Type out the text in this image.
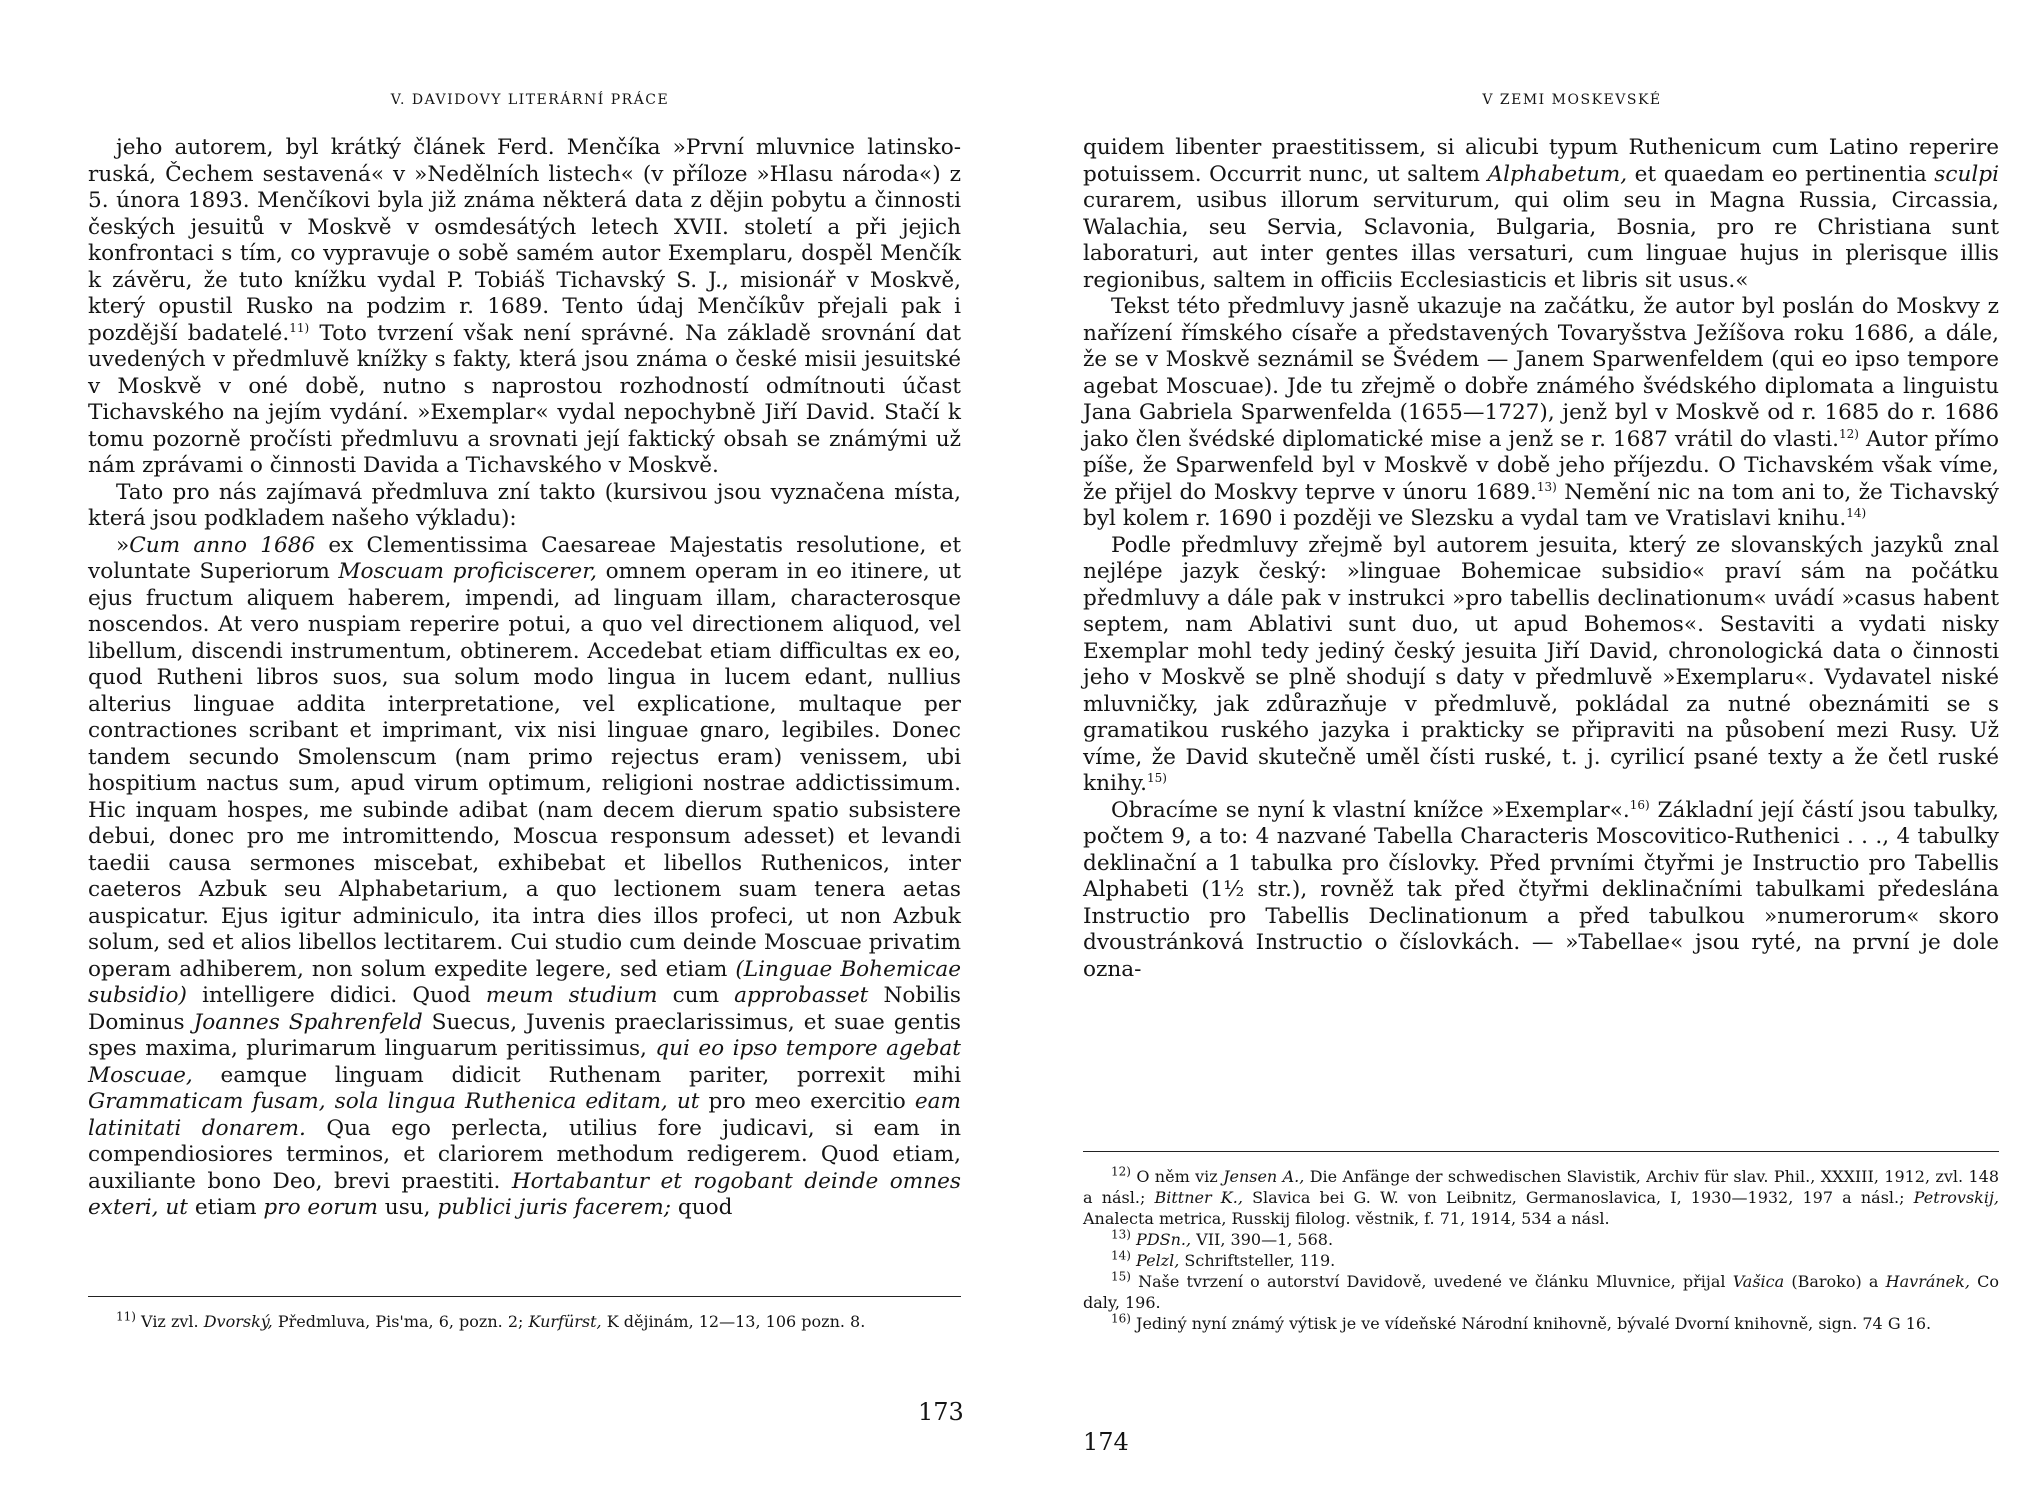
V. DAVIDOVY LITERÁRNÍ PRÁCE

jeho autorem, byl krátký článek Ferd. Menčíka »První mluvnice latinsko-ruská, Čechem sestavená« v »Nedělních listech« (v příloze »Hlasu národa«) z 5. února 1893. Menčíkovi byla již známa některá data z dějin pobytu a činnosti českých jesuitů v Moskvě v osmdesátých letech XVII. století a při jejich konfrontaci s tím, co vypravuje o sobě samém autor Exemplaru, dospěl Menčík k závěru, že tuto knížku vydal P. Tobiáš Tichavský S. J., misionář v Moskvě, který opustil Rusko na podzim r. 1689. Tento údaj Menčíkův přejali pak i pozdější badatelé.$^{11)}$ Toto tvrzení však není správné. Na základě srovnání dat uvedených v předmluvě knížky s fakty, která jsou známa o české misii jesuitské v Moskvě v oné době, nutno s naprostou rozhodností odmítnouti účast Tichavského na jejím vydání. »Exemplar« vydal nepochybně Jiří David. Stačí k tomu pozorně pročísti předmluvu a srovnati její faktický obsah se známými už nám zprávami o činnosti Davida a Tichavského v Moskvě.

Tato pro nás zajímavá předmluva zní takto (kursivou jsou vyznačena místa, která jsou podkladem našeho výkladu):

»Cum anno 1686 ex Clementissima Caesareae Majestatis resolutione, et voluntate Superiorum Moscuam proficiscerer, omnem operam in eo itinere, ut ejus fructum aliquem haberem, impendi, ad linguam illam, characterosque noscendos. At vero nuspiam reperire potui, a quo vel directionem aliquod, vel libellum, discendi instrumentum, obtinerem. Accedebat etiam difficultas ex eo, quod Rutheni libros suos, sua solum modo lingua in lucem edant, nullius alterius linguae addita interpretatione, vel explicatione, multaque per contractiones scribant et imprimant, vix nisi linguae gnaro, legibiles. Donec tandem secundo Smolenscum (nam primo rejectus eram) venissem, ubi hospitium nactus sum, apud virum optimum, religioni nostrae addictissimum. Hic inquam hospes, me subinde adibat (nam decem dierum spatio subsistere debui, donec pro me intromittendo, Moscua responsum adesset) et levandi taedii causa sermones miscebat, exhibebat et libellos Ruthenicos, inter caeteros Azbuk seu Alphabetarium, a quo lectionem suam tenera aetas auspicatur. Ejus igitur adminiculo, ita intra dies illos profeci, ut non Azbuk solum, sed et alios libellos lectitarem. Cui studio cum deinde Moscuae privatim operam adhiberem, non solum expedite legere, sed etiam (Linguae Bohemicae subsidio) intelligere didici. Quod meum studium cum approbasset Nobilis Dominus Joannes Spahrenfeld Suecus, Juvenis praeclarissimus, et suae gentis spes maxima, plurimarum linguarum peritissimus, qui eo ipso tempore agebat Moscuae, eamque linguam didicit Ruthenam pariter, porrexit mihi Grammaticam fusam, sola lingua Ruthenica editam, ut pro meo exercitio eam latinitati donarem. Qua ego perlecta, utilius fore judicavi, si eam in compendiosiores terminos, et clariorem methodum redigerem. Quod etiam, auxiliante bono Deo, brevi praestiti. Hortabantur et rogobant deinde omnes exteri, ut etiam pro eorum usu, publici juris facerem; quod

$^{11)}$ Viz zvl. Dvorský, Předmluva, Pis'ma, 6, pozn. 2; Kurfürst, K dějinám, 12—13, 106 pozn. 8.

173
V ZEMI MOSKEVSKÉ

quidem libenter praestitissem, si alicubi typum Ruthenicum cum Latino reperire potuissem. Occurrit nunc, ut saltem Alphabetum, et quaedam eo pertinentia sculpi curarem, usibus illorum serviturum, qui olim seu in Magna Russia, Circassia, Walachia, seu Servia, Sclavonia, Bulgaria, Bosnia, pro re Christiana sunt laboraturi, aut inter gentes illas versaturi, cum linguae hujus in plerisque illis regionibus, saltem in officiis Ecclesiasticis et libris sit usus.«

Tekst této předmluvy jasně ukazuje na začátku, že autor byl poslán do Moskvy z nařízení římského císaře a představených Tovaryšstva Ježíšova roku 1686, a dále, že se v Moskvě seznámil se Švédem — Janem Sparwenfeldem (qui eo ipso tempore agebat Moscuae). Jde tu zřejmě o dobře známého švédského diplomata a linguistu Jana Gabriela Sparwenfelda (1655—1727), jenž byl v Moskvě od r. 1685 do r. 1686 jako člen švédské diplomatické mise a jenž se r. 1687 vrátil do vlasti.$^{12)}$ Autor přímo píše, že Sparwenfeld byl v Moskvě v době jeho příjezdu. O Tichavském však víme, že přijel do Moskvy teprve v únoru 1689.$^{13)}$ Nemění nic na tom ani to, že Tichavský byl kolem r. 1690 i později ve Slezsku a vydal tam ve Vratislavi knihu.$^{14)}$

Podle předmluvy zřejmě byl autorem jesuita, který ze slovanských jazyků znal nejlépe jazyk český: »linguae Bohemicae subsidio« praví sám na počátku předmluvy a dále pak v instrukci »pro tabellis declinationum« uvádí »casus habent septem, nam Ablativi sunt duo, ut apud Bohemos«. Sestaviti a vydati nisky Exemplar mohl tedy jediný český jesuita Jiří David, chronologická data o činnosti jeho v Moskvě se plně shodují s daty v předmluvě »Exemplaru«. Vydavatel niské mluvničky, jak zdůrazňuje v předmluvě, pokládal za nutné obeznámiti se s gramatikou ruského jazyka i prakticky se připraviti na působení mezi Rusy. Už víme, že David skutečně uměl čísti ruské, t. j. cyrilicí psané texty a že četl ruské knihy.$^{15)}$

Obracíme se nyní k vlastní knížce »Exemplar«.$^{16)}$ Základní její částí jsou tabulky, počtem 9, a to: 4 nazvané Tabella Characteris Moscovitico-Ruthenici . . ., 4 tabulky deklinační a 1 tabulka pro číslovky. Před prvními čtyřmi je Instructio pro Tabellis Alphabeti (1½ str.), rovněž tak před čtyřmi deklinačními tabulkami předeslána Instructio pro Tabellis Declinationum a před tabulkou »numerorum« skoro dvoustránková Instructio o číslovkách. — »Tabellae« jsou ryté, na první je dole ozna-

$^{12)}$ O něm viz Jensen A., Die Anfänge der schwedischen Slavistik, Archiv für slav. Phil., XXXIII, 1912, zvl. 148 a násl.; Bittner K., Slavica bei G. W. von Leibnitz, Germanoslavica, I, 1930—1932, 197 a násl.; Petrovskij, Analecta metrica, Russkij filolog. věstnik, f. 71, 1914, 534 a násl.

$^{13)}$ PDSn., VII, 390—1, 568.

$^{14)}$ Pelzl, Schriftsteller, 119.

$^{15)}$ Naše tvrzení o autorství Davidově, uvedené ve článku Mluvnice, přijal Vašica (Baroko) a Havránek, Co daly, 196.

$^{16)}$ Jediný nyní známý výtisk je ve vídeňské Národní knihovně, bývalé Dvorní knihovně, sign. 74 G 16.

174
